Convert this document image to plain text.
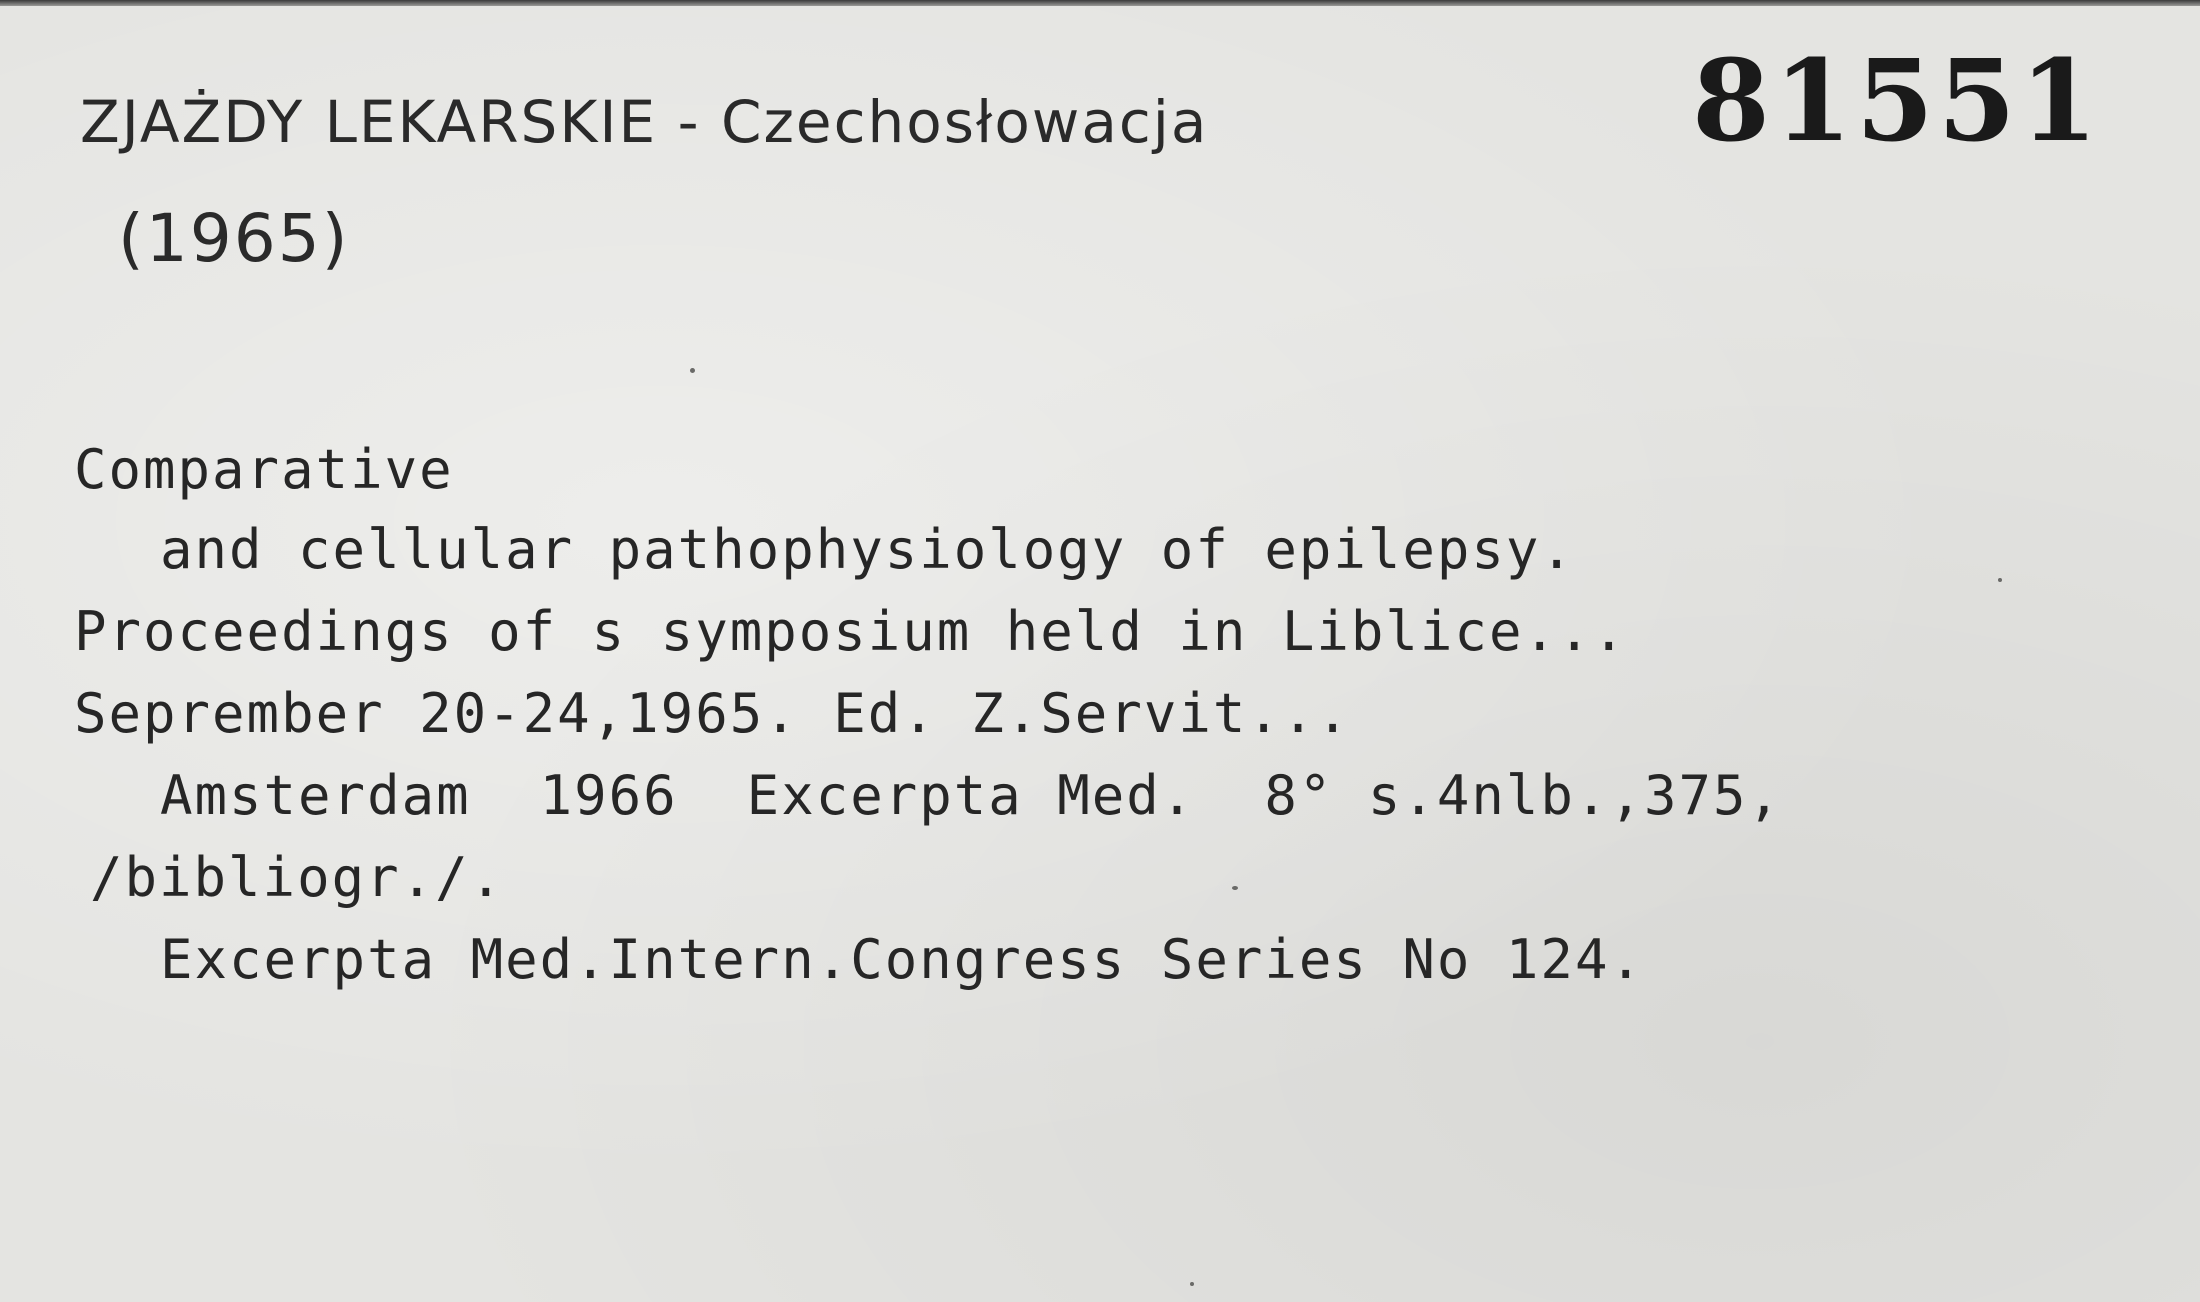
ZJAŻDY LEKARSKIE - Czechosłowacja
(1965)
81551
Comparative
and cellular pathophysiology of epilepsy.
Proceedings of s symposium held in Liblice...
Seprember 20-24,1965. Ed. Z.Servit...
Amsterdam  1966  Excerpta Med.  8° s.4nlb.,375,
/bibliogr./.
Excerpta Med.Intern.Congress Series No 124.
